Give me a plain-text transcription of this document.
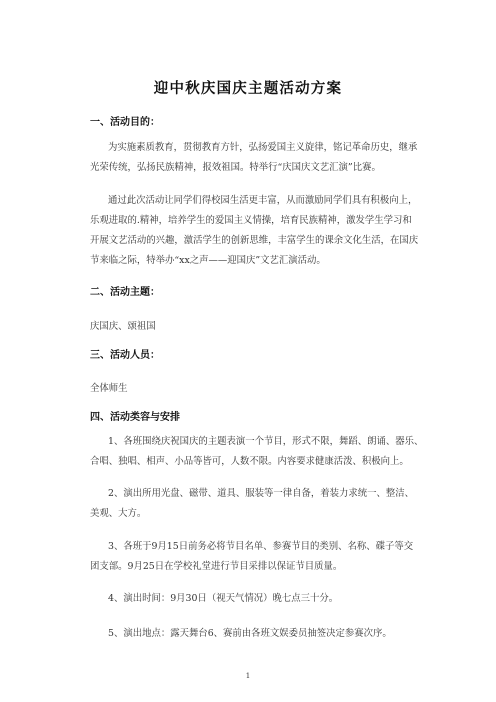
迎中秋庆国庆主题活动方案
一、活动目的：
为实施素质教育，贯彻教育方针，弘扬爱国主义旋律，铭记革命历史，继承
光荣传统，弘扬民族精神，报效祖国。特举行“庆国庆文艺汇演”比赛。
通过此次活动让同学们得校园生活更丰富，从而激励同学们具有积极向上，
乐观进取的.精神，培养学生的爱国主义情操，培育民族精神，激发学生学习和
开展文艺活动的兴趣，激活学生的创新思维，丰富学生的课余文化生活，在国庆
节来临之际，特举办“xx之声——迎国庆”文艺汇演活动。
二、活动主题：
庆国庆、颂祖国
三、活动人员：
全体师生
四、活动类容与安排
1、各班围绕庆祝国庆的主题表演一个节目，形式不限，舞蹈、朗诵、器乐、
合唱、独唱、相声、小品等皆可，人数不限。内容要求健康活泼、积极向上。
2、演出所用光盘、磁带、道具、服装等一律自备，着装力求统一、整洁、
美观、大方。
3、各班于9月15日前务必将节目名单、参赛节目的类别、名称、碟子等交
团支部。9月25日在学校礼堂进行节目采排以保证节目质量。
4、演出时间：9月30日（视天气情况）晚七点三十分。
5、演出地点：露天舞台6、赛前由各班文娱委员抽签决定参赛次序。
1
